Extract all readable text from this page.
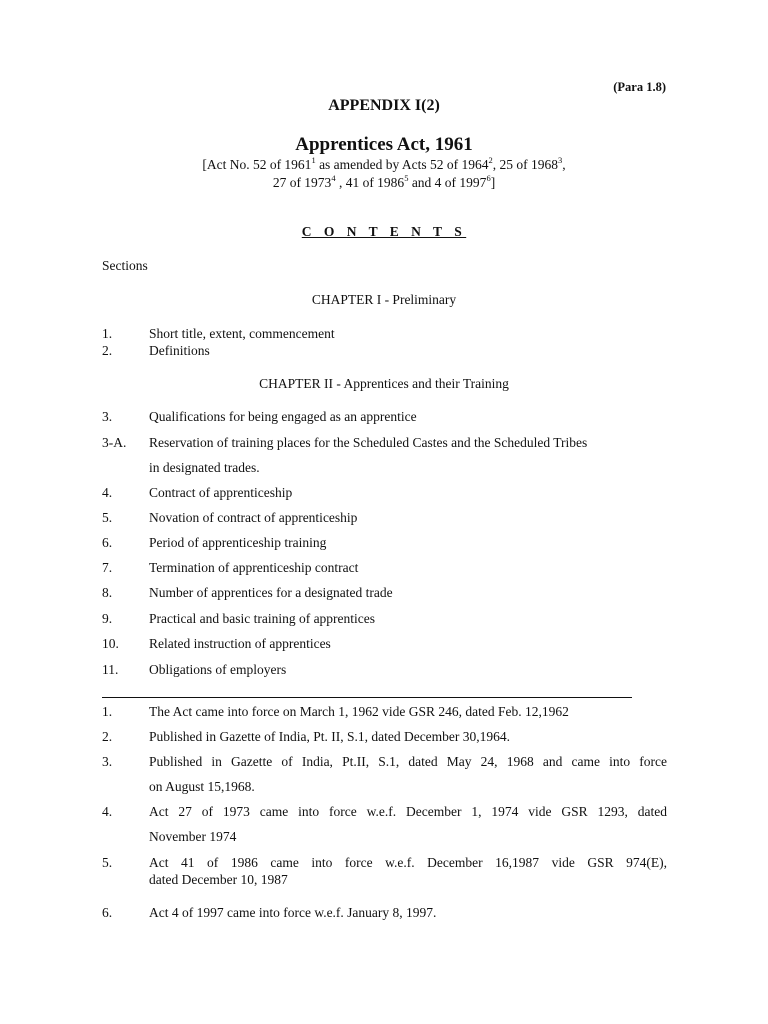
(Para 1.8)
APPENDIX I(2)
Apprentices Act, 1961
[Act No. 52 of 1961$^1$ as amended by Acts 52 of 1964$^2$, 25 of 1968$^3$,
27 of 1973$^4$ , 41 of 1986$^5$ and 4 of 1997$^6$]
C O N T E N T S
Sections
CHAPTER I - Preliminary
1.	Short title, extent, commencement
2.	Definitions
CHAPTER II - Apprentices and their Training
3.	Qualifications for being engaged as an apprentice
3-A. Reservation of training places for the Scheduled Castes and the Scheduled Tribes
in designated trades.
4.	Contract of apprenticeship
5.	Novation of contract of apprenticeship
6.	Period of apprenticeship training
7.	Termination of apprenticeship contract
8.	Number of apprentices for a designated trade
9.	Practical and basic training of apprentices
10. Related instruction of apprentices
11. Obligations of employers
1.	The Act came into force on March 1, 1962 vide GSR 246, dated Feb. 12,1962
2.	Published in Gazette of India, Pt. II, S.1, dated December 30,1964.
3.	Published in Gazette of India, Pt.II, S.1, dated May 24, 1968 and came into force
on August 15,1968.
4.	Act 27 of 1973 came into force w.e.f. December 1, 1974 vide GSR 1293, dated
November 1974
5.	Act 41 of 1986 came into force w.e.f. December 16,1987 vide GSR 974(E),
dated December 10, 1987
6.	Act 4 of 1997 came into force w.e.f. January 8, 1997.
